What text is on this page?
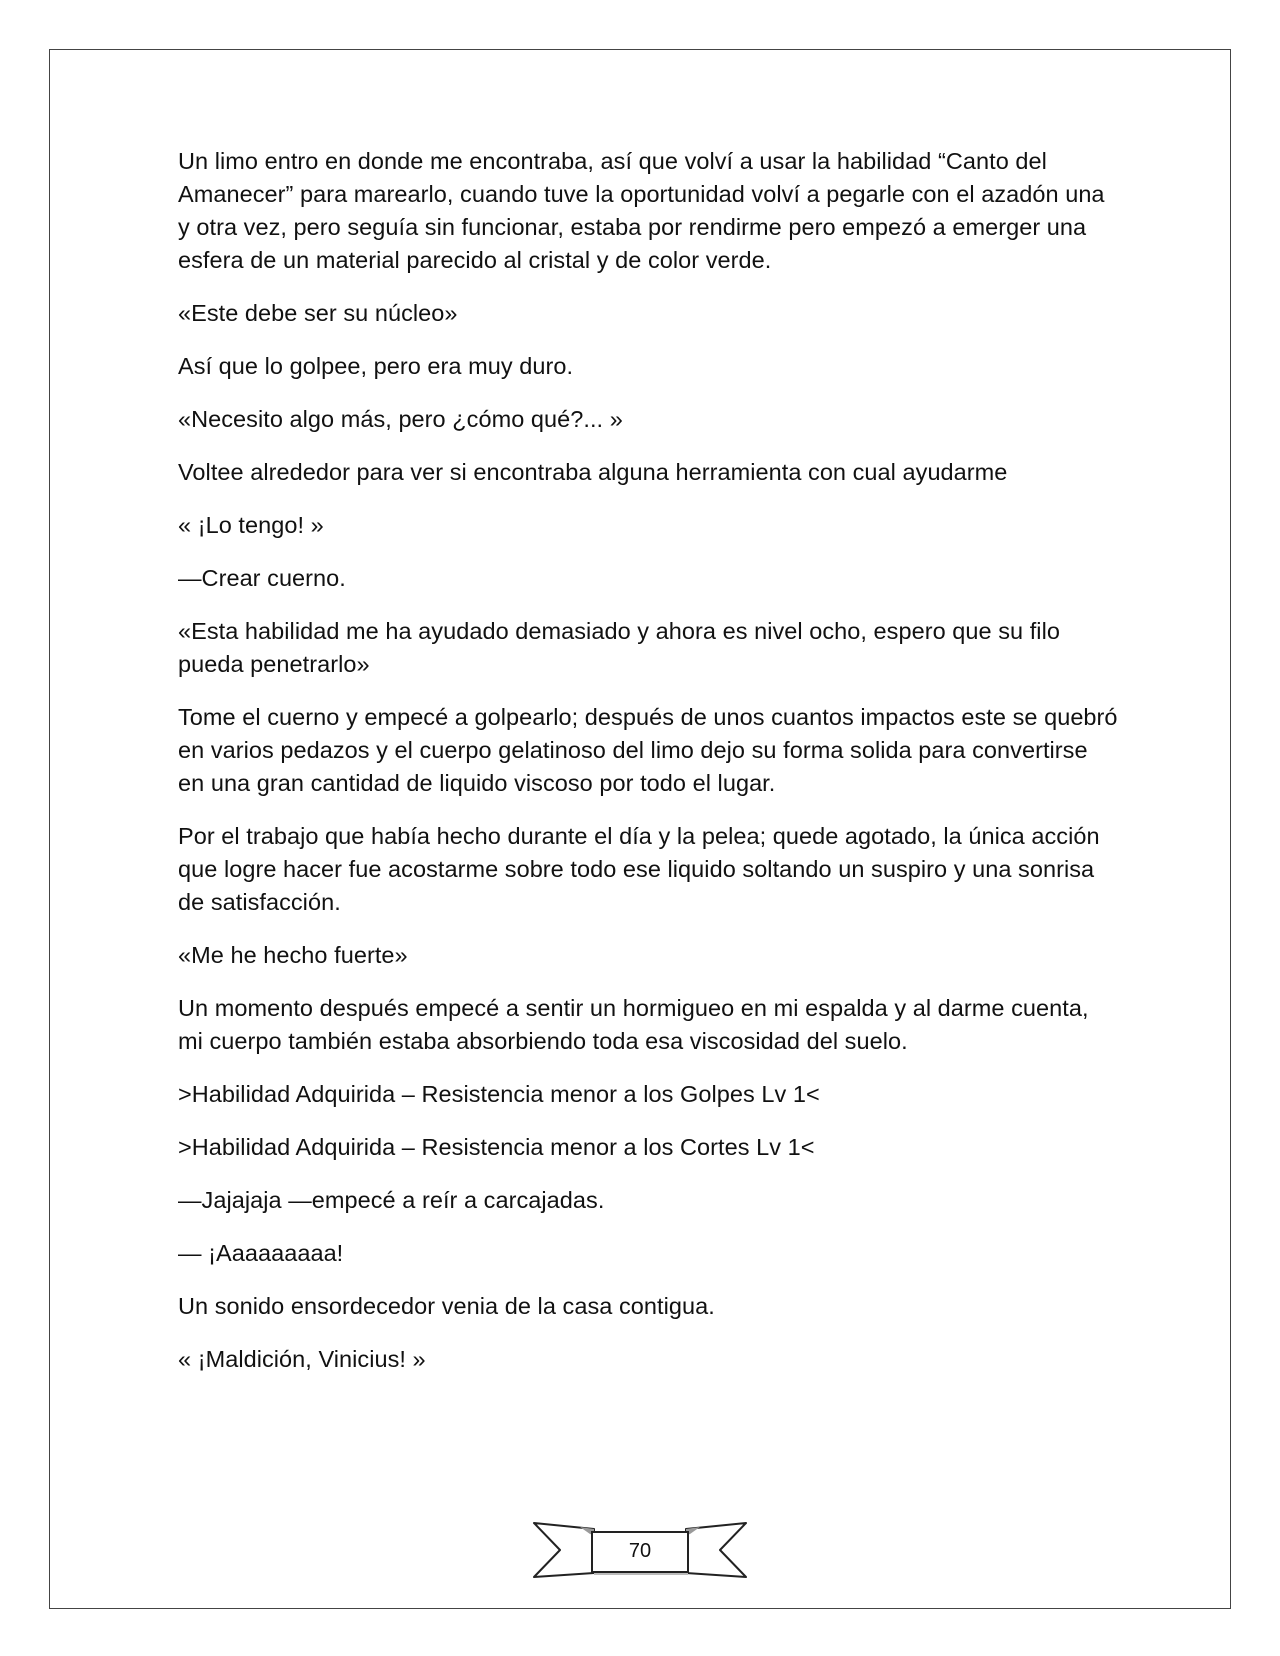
Un limo entro en donde me encontraba, así que volví a usar la habilidad “Canto del Amanecer” para marearlo, cuando tuve la oportunidad volví a pegarle con el azadón una y otra vez, pero seguía sin funcionar, estaba por rendirme pero empezó a emerger una esfera de un material parecido al cristal y de color verde.

«Este debe ser su núcleo»

Así que lo golpee, pero era muy duro.

«Necesito algo más, pero ¿cómo qué?... »

Voltee alrededor para ver si encontraba alguna herramienta con cual ayudarme

« ¡Lo tengo! »

—Crear cuerno.

«Esta habilidad me ha ayudado demasiado y ahora es nivel ocho, espero que su filo pueda penetrarlo»

Tome el cuerno y empecé a golpearlo; después de unos cuantos impactos este se quebró en varios pedazos y el cuerpo gelatinoso del limo dejo su forma solida para convertirse en una gran cantidad de liquido viscoso por todo el lugar.

Por el trabajo que había hecho durante el día y la pelea; quede agotado, la única acción que logre hacer fue acostarme sobre todo ese liquido soltando un suspiro y una sonrisa de satisfacción.

«Me he hecho fuerte»

Un momento después empecé a sentir un hormigueo en mi espalda y al darme cuenta, mi cuerpo también estaba absorbiendo toda esa viscosidad del suelo.

>Habilidad Adquirida – Resistencia menor a los Golpes Lv 1<

>Habilidad Adquirida – Resistencia menor a los Cortes Lv 1<

—Jajajaja —empecé a reír a carcajadas.

— ¡Aaaaaaaaa!

Un sonido ensordecedor venia de la casa contigua.

« ¡Maldición, Vinicius! »

70
